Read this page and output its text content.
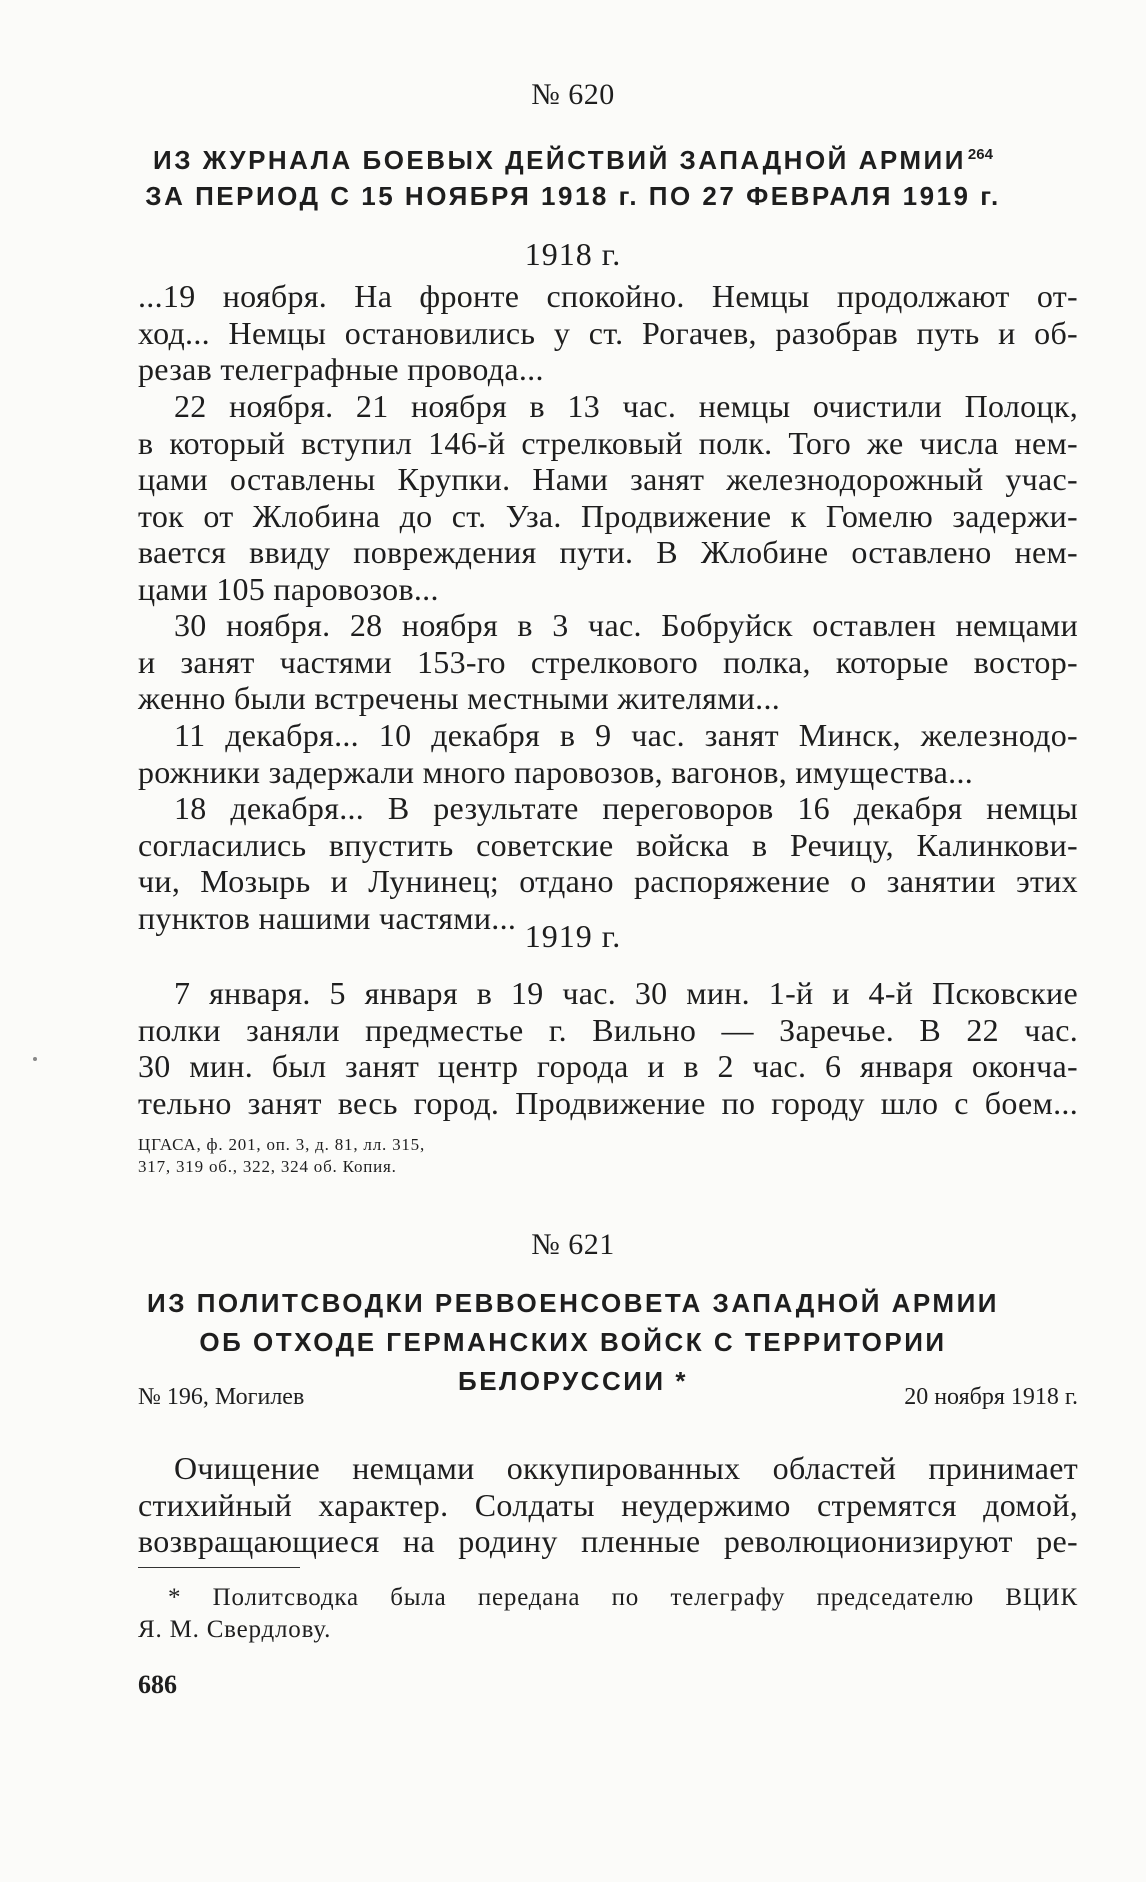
№ 620
ИЗ ЖУРНАЛА БОЕВЫХ ДЕЙСТВИЙ ЗАПАДНОЙ АРМИИ $^{264}$
ЗА ПЕРИОД С 15 НОЯБРЯ 1918 г. ПО 27 ФЕВРАЛЯ 1919 г.
1918 г.
...19 ноября. На фронте спокойно. Немцы продолжают от-
ход... Немцы остановились у ст. Рогачев, разобрав путь и об-
резав телеграфные провода...
22 ноября. 21 ноября в 13 час. немцы очистили Полоцк,
в который вступил 146-й стрелковый полк. Того же числа нем-
цами оставлены Крупки. Нами занят железнодорожный учас-
ток от Жлобина до ст. Уза. Продвижение к Гомелю задержи-
вается ввиду повреждения пути. В Жлобине оставлено нем-
цами 105 паровозов...
30 ноября. 28 ноября в 3 час. Бобруйск оставлен немцами
и занят частями 153-го стрелкового полка, которые востор-
женно были встречены местными жителями...
11 декабря... 10 декабря в 9 час. занят Минск, железнодо-
рожники задержали много паровозов, вагонов, имущества...
18 декабря... В результате переговоров 16 декабря немцы
согласились впустить советские войска в Речицу, Калинкови-
чи, Мозырь и Лунинец; отдано распоряжение о занятии этих
пунктов нашими частями...
1919 г.
7 января. 5 января в 19 час. 30 мин. 1-й и 4-й Псковские
полки заняли предместье г. Вильно — Заречье. В 22 час.
30 мин. был занят центр города и в 2 час. 6 января оконча-
тельно занят весь город. Продвижение по городу шло с боем...
ЦГАСА, ф. 201, оп. 3, д. 81, лл. 315,
317, 319 об., 322, 324 об. Копия.
№ 621
ИЗ ПОЛИТСВОДКИ РЕВВОЕНСОВЕТА ЗАПАДНОЙ АРМИИ
ОБ ОТХОДЕ ГЕРМАНСКИХ ВОЙСК С ТЕРРИТОРИИ
БЕЛОРУССИИ *
№ 196, Могилев	20 ноября 1918 г.
Очищение немцами оккупированных областей принимает
стихийный характер. Солдаты неудержимо стремятся домой,
возвращающиеся на родину пленные революционизируют ре-
* Политсводка была передана по телеграфу председателю ВЦИК
Я. М. Свердлову.
686
